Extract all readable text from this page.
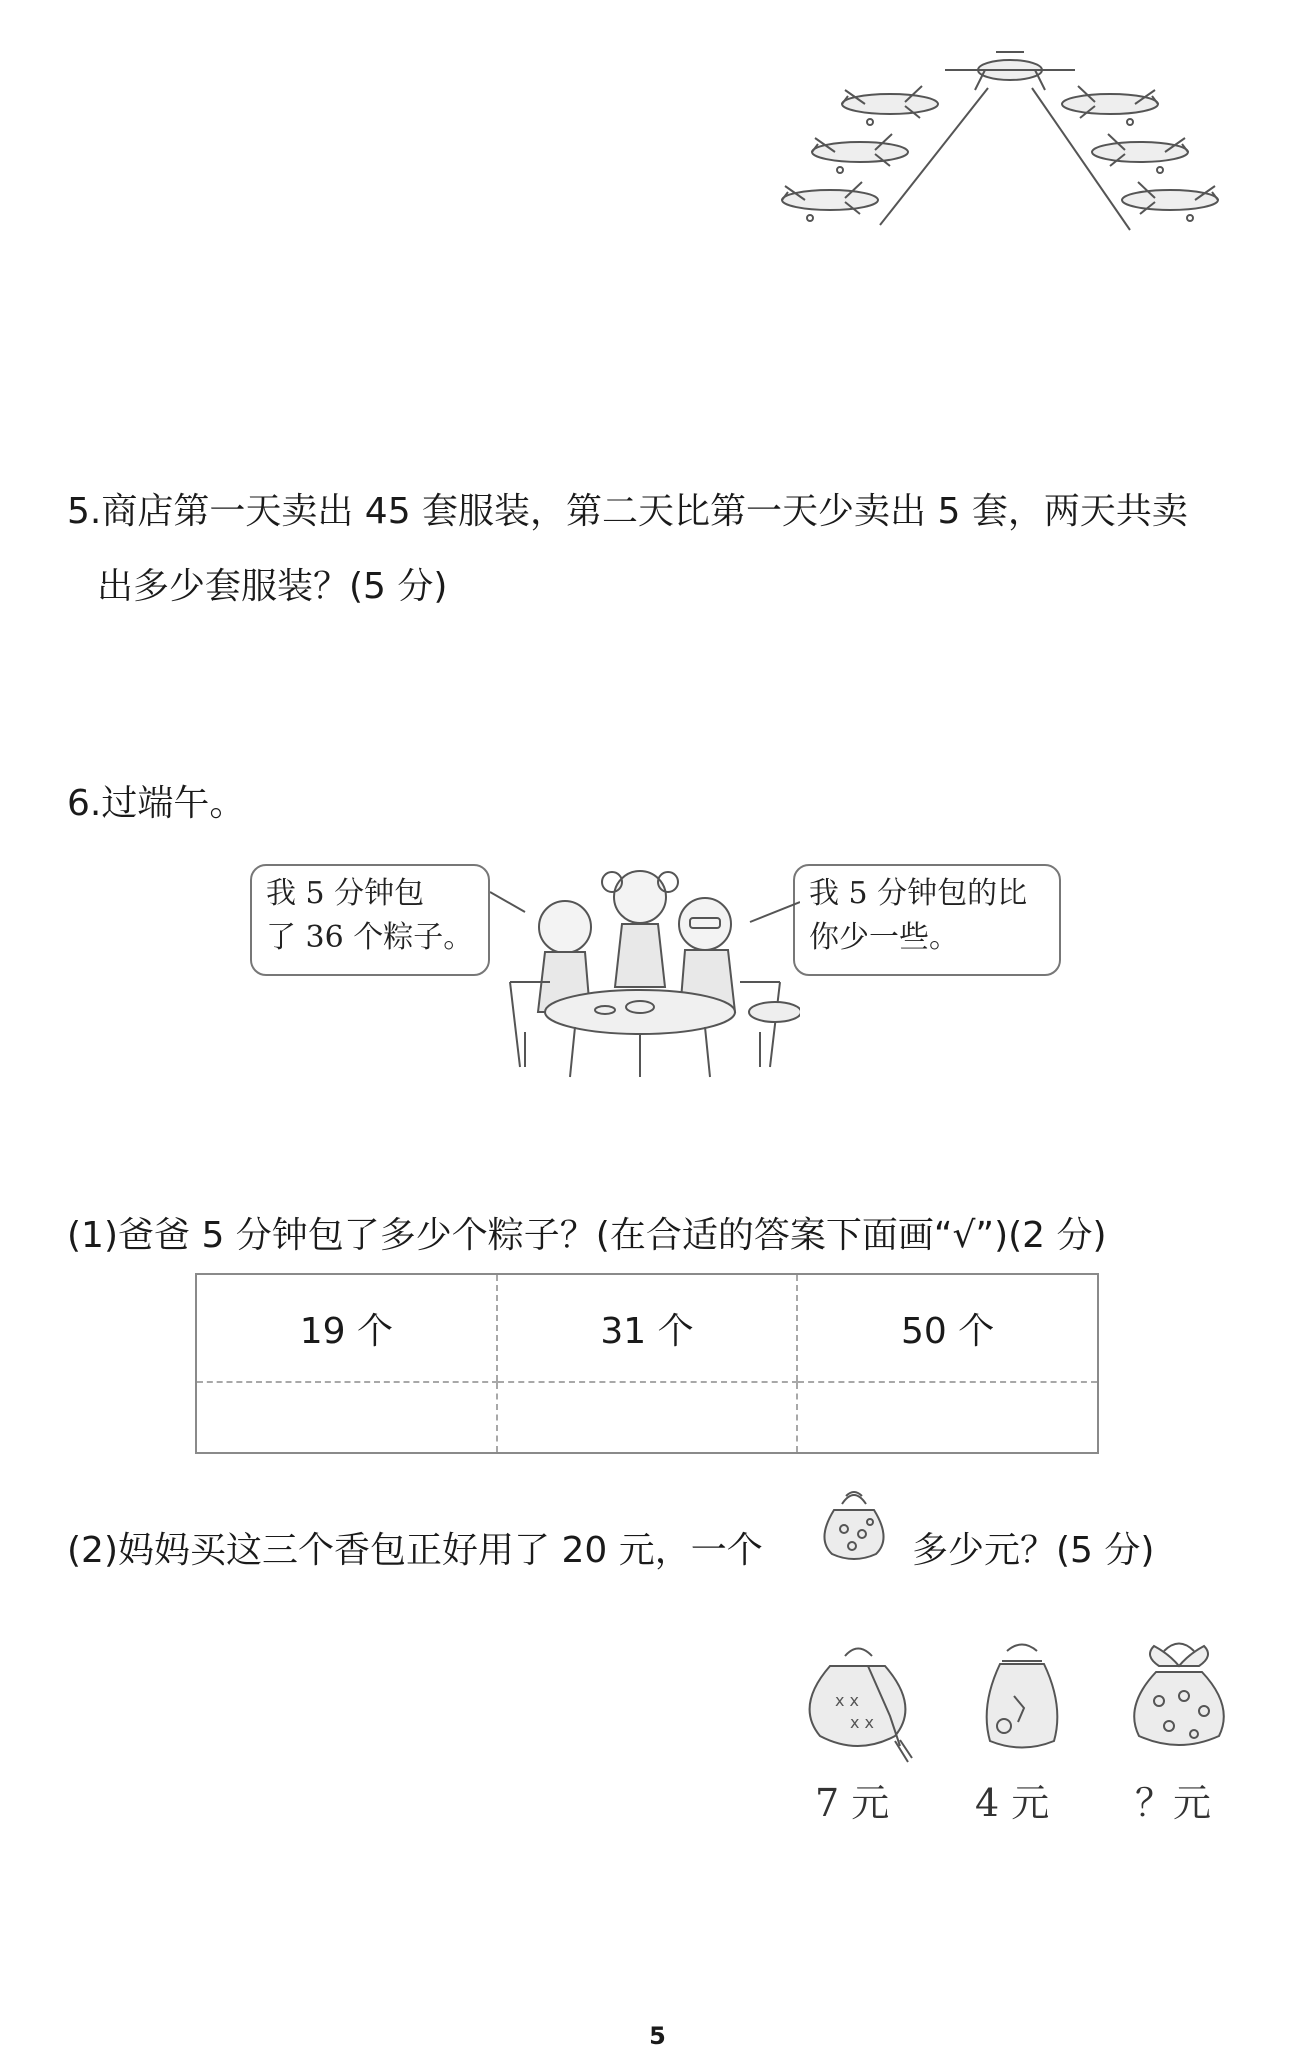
5.商店第一天卖出 45 套服装，第二天比第一天少卖出 5 套，两天共卖
出多少套服装？(5 分)
6.过端午。
我 5 分钟包
了 36 个粽子。
我 5 分钟包的比
你少一些。
(1)爸爸 5 分钟包了多少个粽子？(在合适的答案下面画“√”)(2 分)
19 个	31 个	50 个

(2)妈妈买这三个香包正好用了 20 元，一个	多少元？(5 分)
x x
x x
7 元 4 元 ？元
5
